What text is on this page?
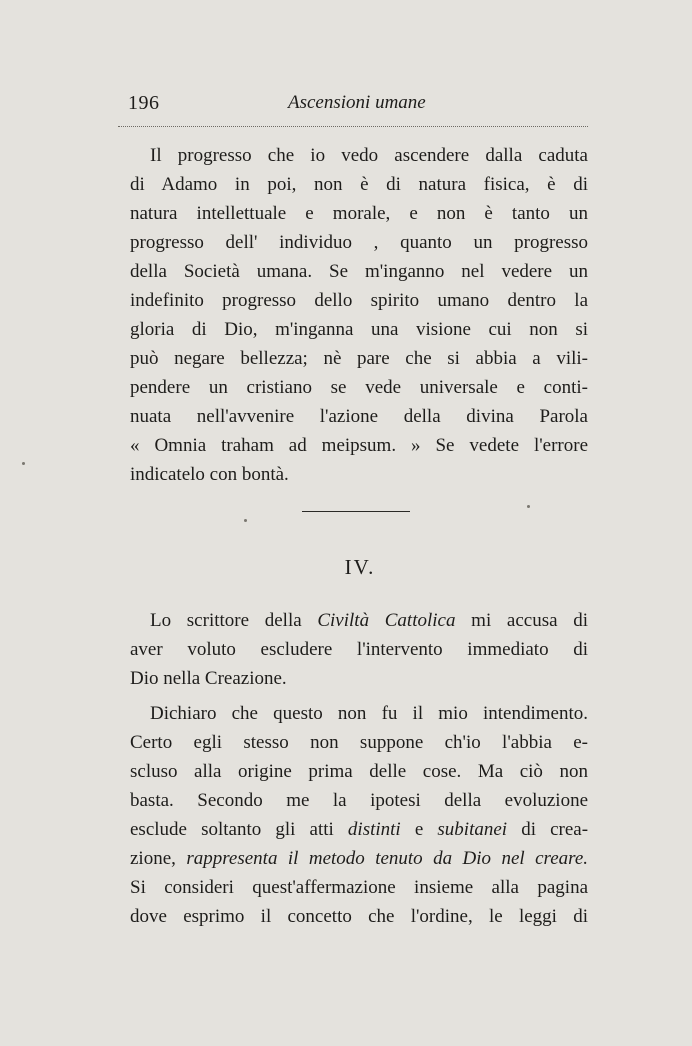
196	Ascensioni umane
Il progresso che io vedo ascendere dalla caduta
di Adamo in poi, non è di natura fisica, è di
natura intellettuale e morale, e non è tanto un
progresso dell' individuo , quanto un progresso
della Società umana. Se m'inganno nel vedere un
indefinito progresso dello spirito umano dentro la
gloria di Dio, m'inganna una visione cui non si
può negare bellezza; nè pare che si abbia a vili-
pendere un cristiano se vede universale e conti-
nuata nell'avvenire l'azione della divina Parola
« Omnia traham ad meipsum. » Se vedete l'errore
indicatelo con bontà.
IV.
Lo scrittore della Civiltà Cattolica mi accusa di
aver voluto escludere l'intervento immediato di
Dio nella Creazione.
Dichiaro che questo non fu il mio intendimento.
Certo egli stesso non suppone ch'io l'abbia e-
scluso alla origine prima delle cose. Ma ciò non
basta. Secondo me la ipotesi della evoluzione
esclude soltanto gli atti distinti e subitanei di crea-
zione, rappresenta il metodo tenuto da Dio nel creare.
Si consideri quest'affermazione insieme alla pagina
dove esprimo il concetto che l'ordine, le leggi di
